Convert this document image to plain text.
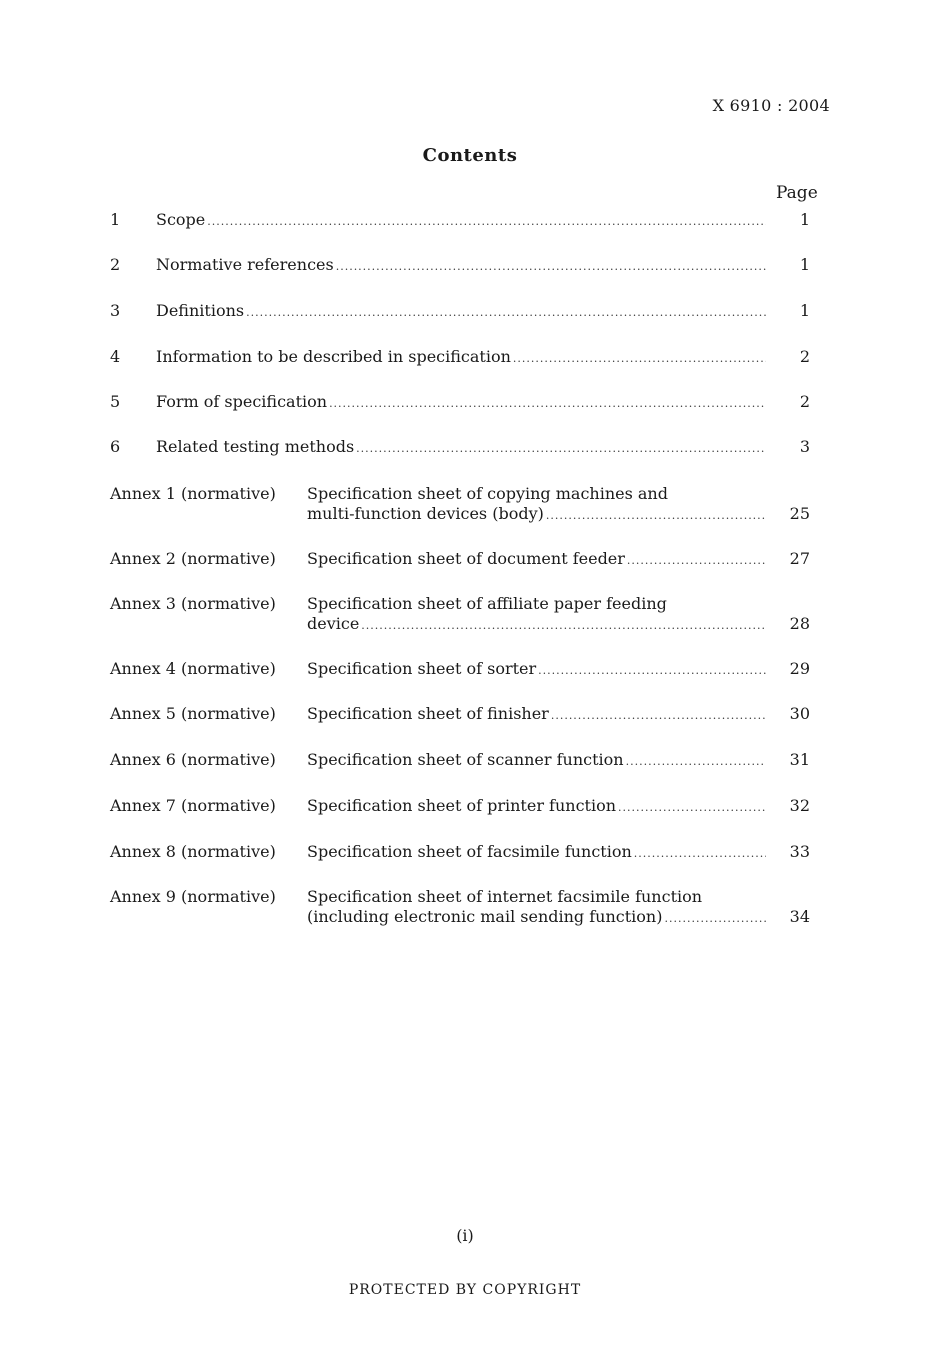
X 6910 : 2004
Contents
Page
1 Scope .....	1
2 Normative references .....	1
3 Definitions .....	1
4 Information to be described in specification .....	2
5 Form of specification .....	2
6 Related testing methods .....	3
Annex 1 (normative) Specification sheet of copying machines and
multi-function devices (body) .....	25
Annex 2 (normative) Specification sheet of document feeder .....	27
Annex 3 (normative) Specification sheet of affiliate paper feeding
device .....	28
Annex 4 (normative) Specification sheet of sorter .....	29
Annex 5 (normative) Specification sheet of finisher .....	30
Annex 6 (normative) Specification sheet of scanner function .....	31
Annex 7 (normative) Specification sheet of printer function .....	32
Annex 8 (normative) Specification sheet of facsimile function .....	33
Annex 9 (normative) Specification sheet of internet facsimile function
(including electronic mail sending function) .....	34
(i)
PROTECTED BY COPYRIGHT
